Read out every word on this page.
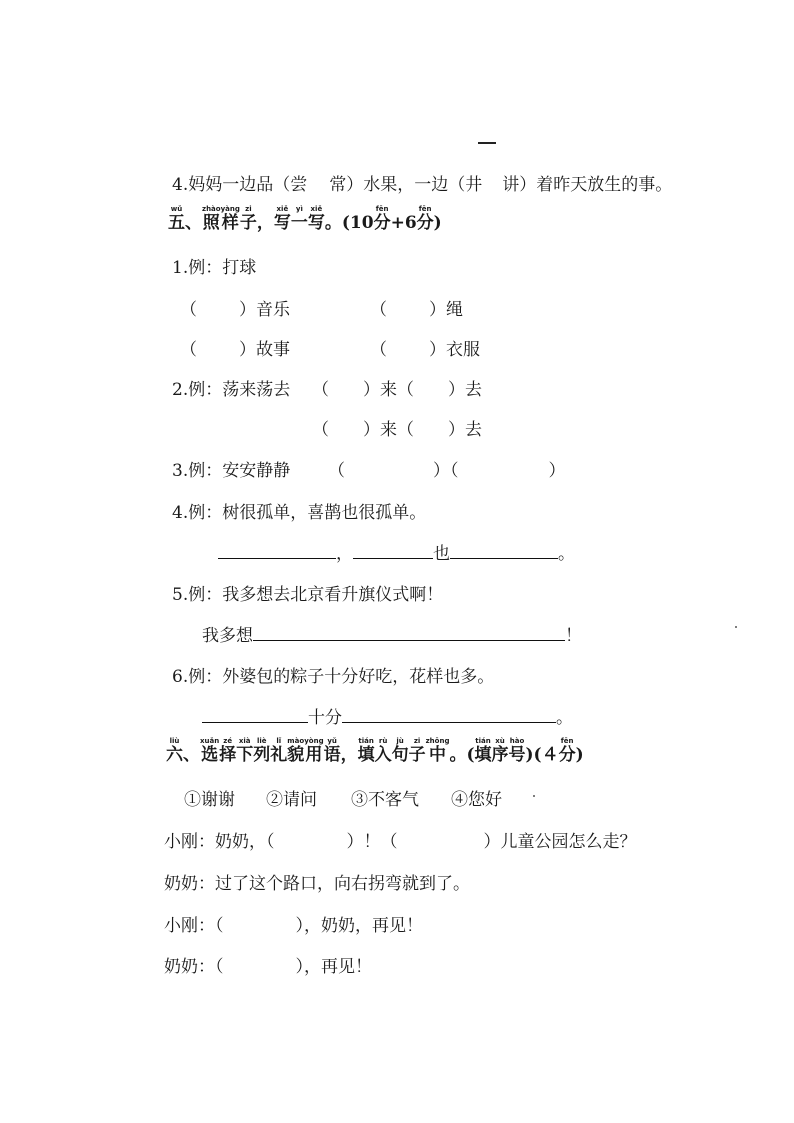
4.妈妈一边品（尝 常）水果，一边（井 讲）着昨天放生的事。
五wǔ、照zhào样yàng子zi，写xiě一yì写xiě。(10分fēn+6分fēn)
1.例：打球
（ ）音乐	（ ）绳
（ ）故事	（ ）衣服
2.例：荡来荡去 （　　）来（　　）去
（　　）来（　　）去
3.例：安安静静 （	）（	）
4.例：树很孤单，喜鹊也很孤单。
，	也	。
5.例：我多想去北京看升旗仪式啊！
我多想	！
6.例：外婆包的粽子十分好吃，花样也多。
十分	。
六liù、选xuǎn择zé下xià列liè礼lǐ貌mào用yòng语yǔ，填tián入rù句jù子zi中zhōng。(填tián序xù号hào)(４分fēn)
①谢谢 ②请问 ③不客气 ④您好
小刚：奶奶，（	）！（	）儿童公园怎么走？
奶奶：过了这个路口，向右拐弯就到了。
小刚：（	），奶奶，再见！
奶奶：（	），再见！
